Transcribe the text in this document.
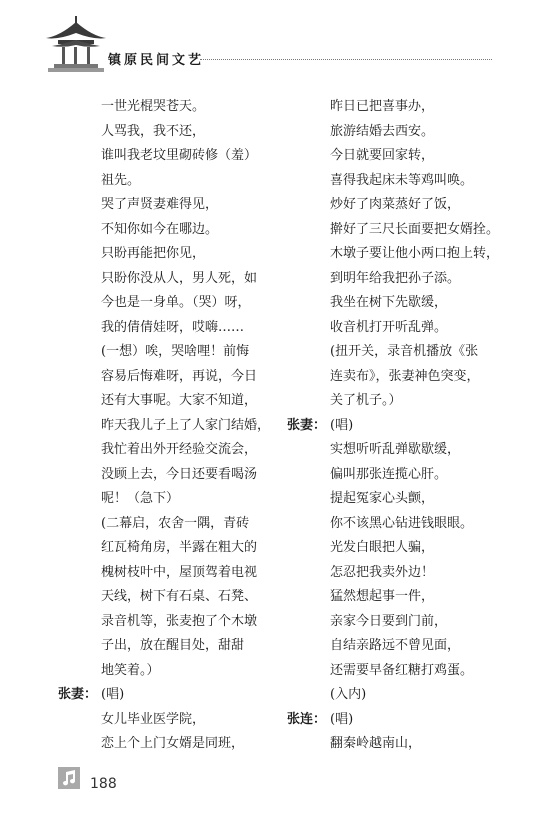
镇原民间文艺
一世光棍哭苍天。
人骂我，我不还，
谁叫我老坟里砌砖修（羞）
祖先。
哭了声贤妻难得见，
不知你如今在哪边。
只盼再能把你见，
只盼你没从人，男人死，如
今也是一身单。（哭）呀，
我的倩倩娃呀，哎嗨……
(一想）唉，哭啥哩！前悔
容易后悔难呀，再说，今日
还有大事呢。大家不知道，
昨天我儿子上了人家门结婚，
我忙着出外开经验交流会，
没顾上去，今日还要看喝汤
呢！（急下）
(二幕启，农舍一隅，青砖
红瓦椅角房，半露在粗大的
槐树枝叶中，屋顶驾着电视
天线，树下有石桌、石凳、
录音机等，张麦抱了个木墩
子出，放在醒目处，甜甜
地笑着。）
张妻： (唱)
女儿毕业医学院，
恋上个上门女婿是同班，
昨日已把喜事办，
旅游结婚去西安。
今日就要回家转，
喜得我起床未等鸡叫唤。
炒好了肉菜蒸好了饭，
擀好了三尺长面要把女婿拴。
木墩子要让他小两口抱上转，
到明年给我把孙子添。
我坐在树下先歇缓，
收音机打开听乱弹。
(扭开关，录音机播放《张
连卖布》，张妻神色突变，
关了机子。）
张妻： (唱)
实想听听乱弹歇歇缓，
偏叫那张连揽心肝。
提起冤家心头颤，
你不该黑心钻进钱眼眼。
光发白眼把人骗，
怎忍把我卖外边！
猛然想起事一件，
亲家今日要到门前，
自结亲路远不曾见面，
还需要早备红糖打鸡蛋。
(入内)
张连： (唱)
翻秦岭越南山，
188
